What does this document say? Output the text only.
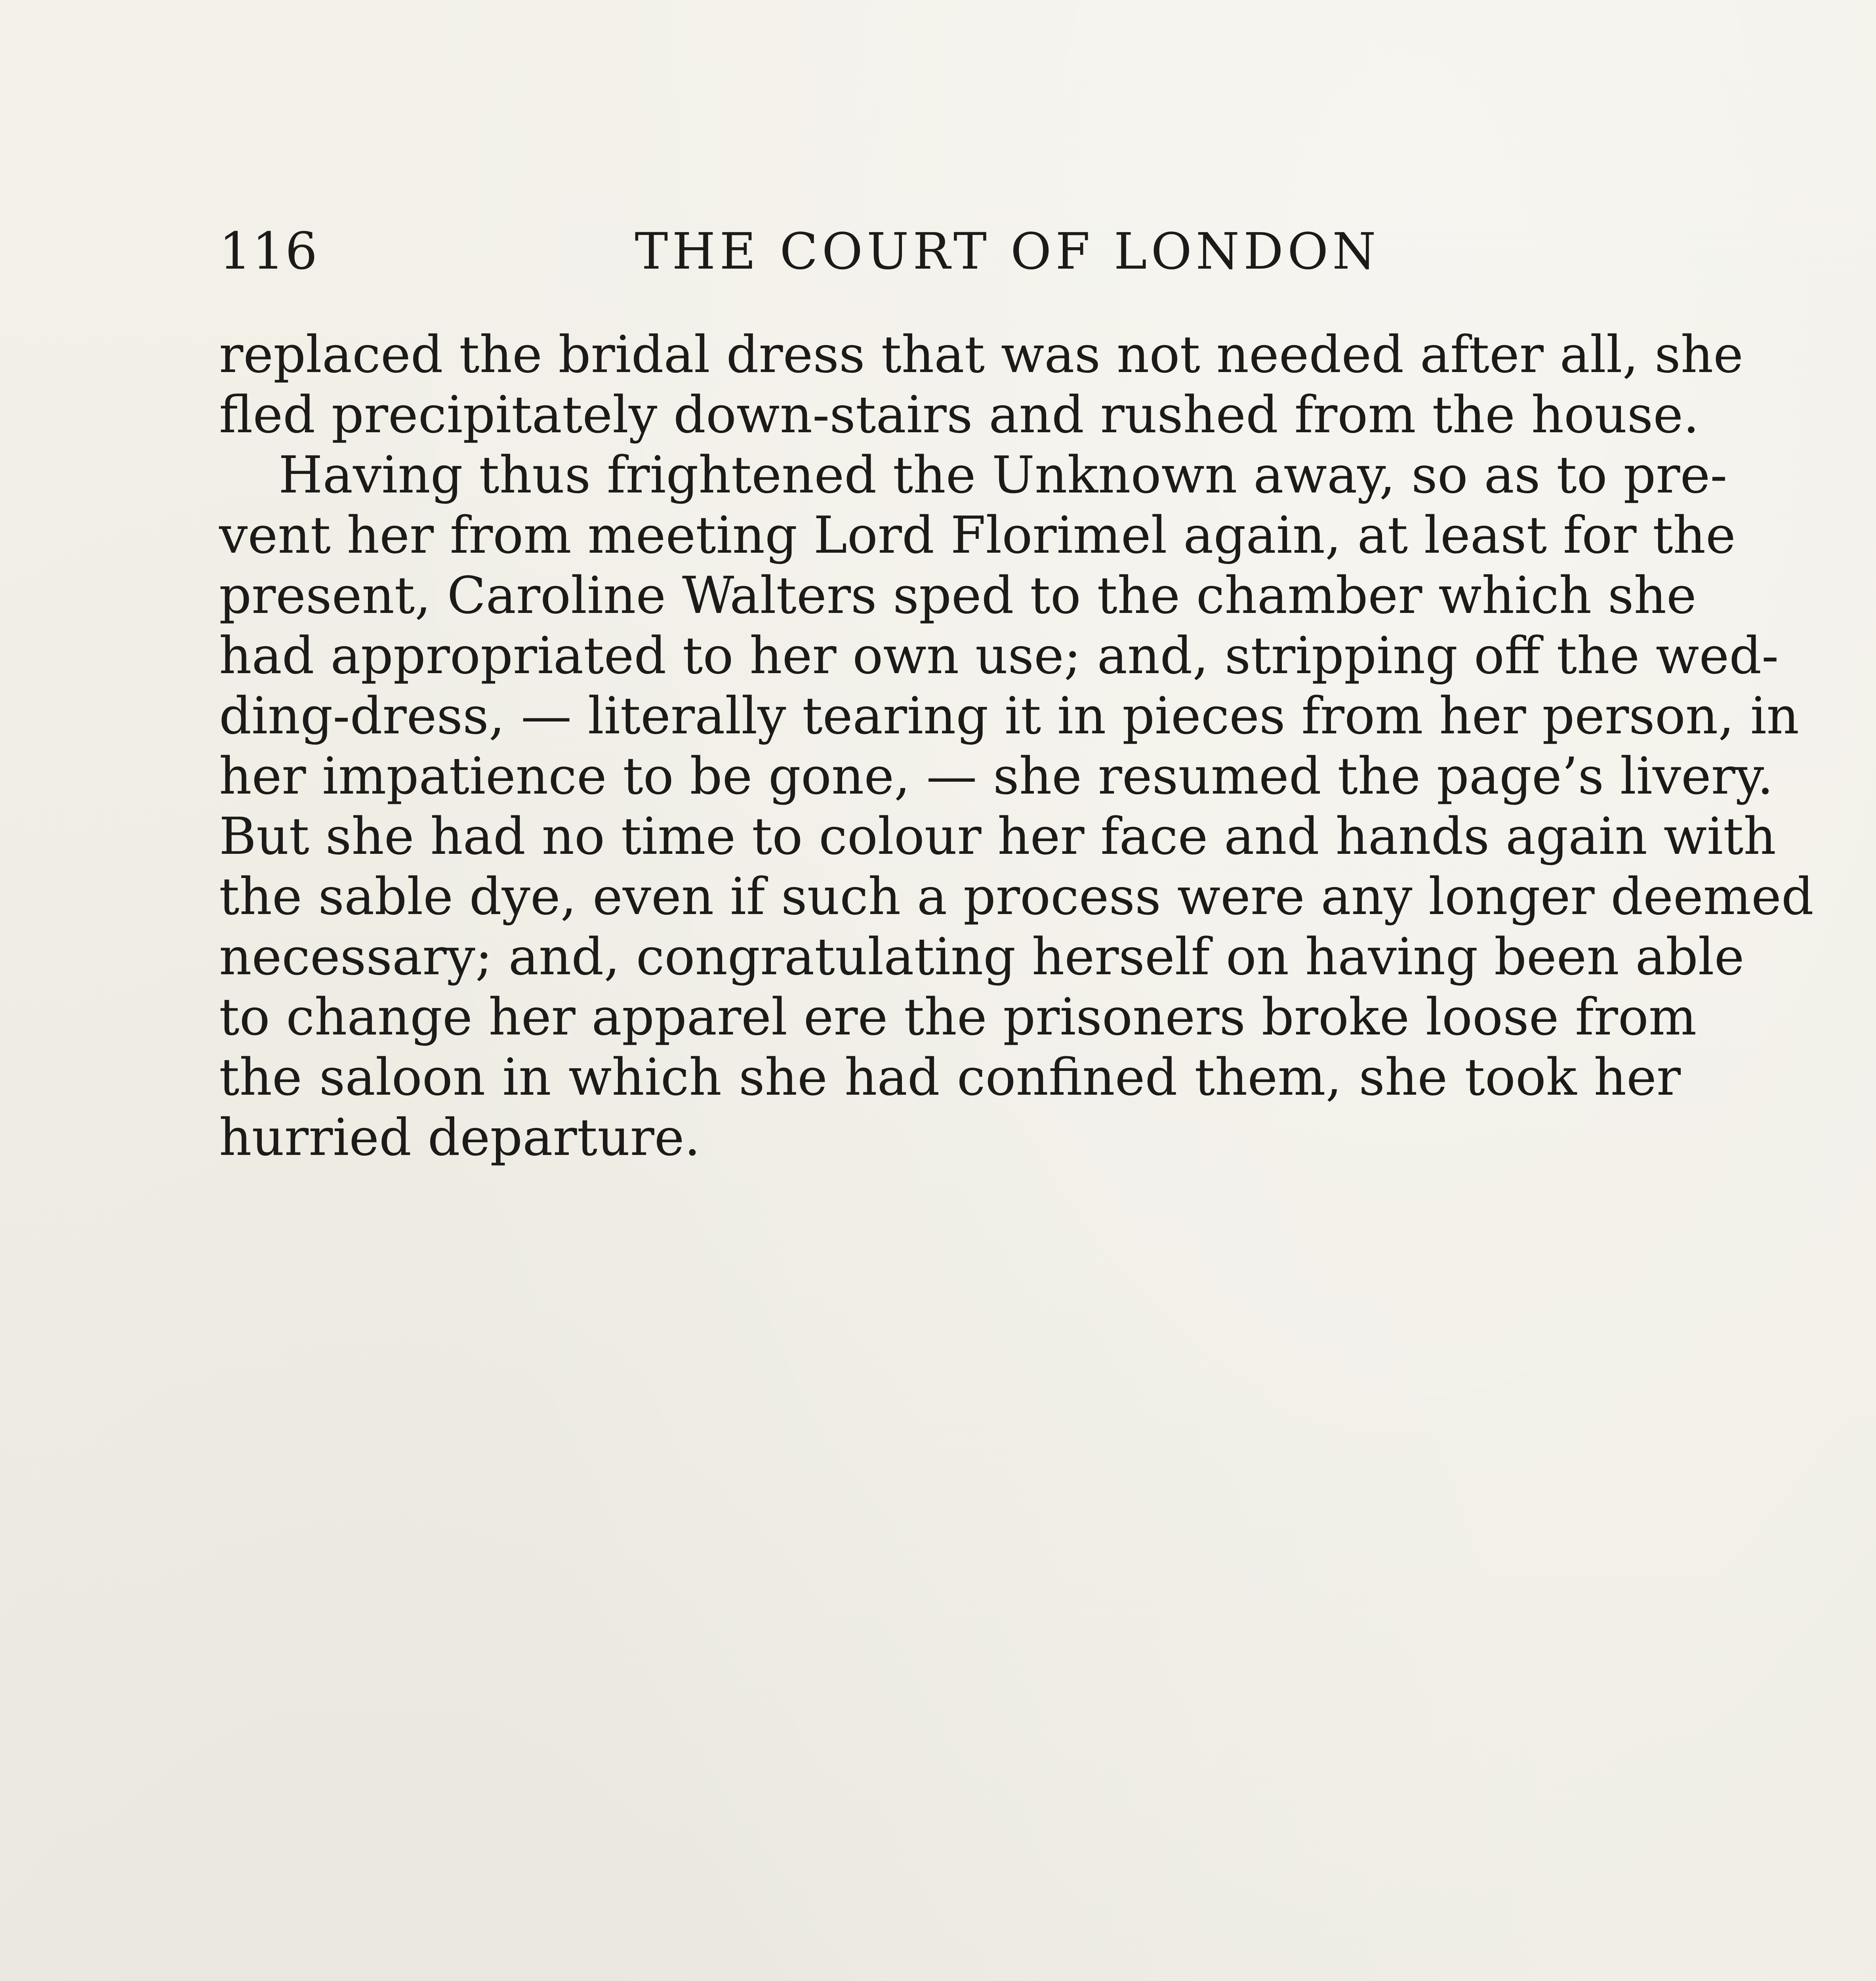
116	THE COURT OF LONDON
replaced the bridal dress that was not needed after all, she
fled precipitately down-stairs and rushed from the house.
Having thus frightened the Unknown away, so as to pre-
vent her from meeting Lord Florimel again, at least for the
present, Caroline Walters sped to the chamber which she
had appropriated to her own use; and, stripping off the wed-
ding-dress, — literally tearing it in pieces from her person, in
her impatience to be gone, — she resumed the page’s livery.
But she had no time to colour her face and hands again with
the sable dye, even if such a process were any longer deemed
necessary; and, congratulating herself on having been able
to change her apparel ere the prisoners broke loose from
the saloon in which she had confined them, she took her
hurried departure.
